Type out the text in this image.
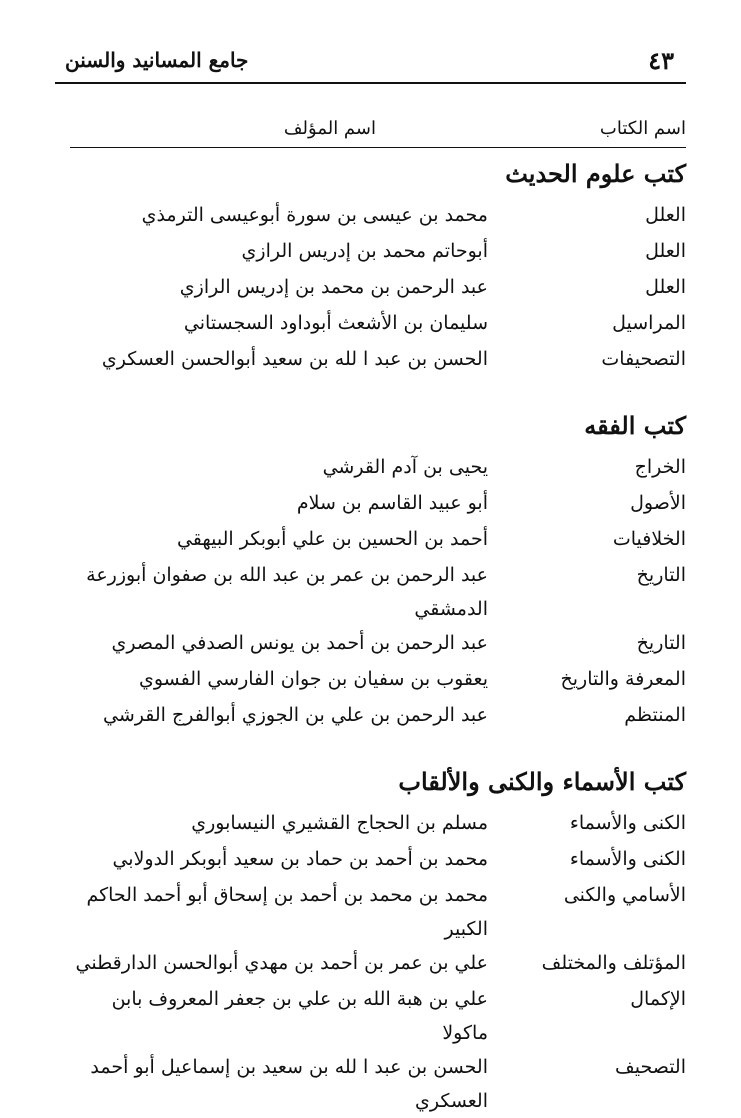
٤٣
جامع المسانيد والسنن
اسم الكتاب
اسم المؤلف
كتب علوم الحديث
العلل
محمد بن عيسى بن سورة أبوعيسى الترمذي
العلل
أبوحاتم محمد بن إدريس الرازي
العلل
عبد الرحمن بن محمد بن إدريس الرازي
المراسيل
سليمان بن الأشعث أبوداود السجستاني
التصحيفات
الحسن بن عبد ا لله بن سعيد أبوالحسن العسكري
كتب الفقه
الخراج
يحيى بن آدم القرشي
الأصول
أبو عبيد القاسم بن سلام
الخلافيات
أحمد بن الحسين بن علي أبوبكر البيهقي
التاريخ
عبد الرحمن بن عمر بن عبد الله بن صفوان أبوزرعة الدمشقي
التاريخ
عبد الرحمن بن أحمد بن يونس الصدفي المصري
المعرفة والتاريخ
يعقوب بن سفيان بن جوان الفارسي الفسوي
المنتظم
عبد الرحمن بن علي بن الجوزي أبوالفرج القرشي
كتب الأسماء والكنى والألقاب
الكنى والأسماء
مسلم بن الحجاج القشيري النيسابوري
الكنى والأسماء
محمد بن أحمد بن حماد بن سعيد أبوبكر الدولابي
الأسامي والكنى
محمد بن محمد بن أحمد بن إسحاق أبو أحمد الحاكم الكبير
المؤتلف والمختلف
علي بن عمر بن أحمد بن مهدي أبوالحسن الدارقطني
الإكمال
علي بن هبة الله بن علي بن جعفر المعروف بابن ماكولا
التصحيف
الحسن بن عبد ا لله بن سعيد بن إسماعيل أبو أحمد العسكري
